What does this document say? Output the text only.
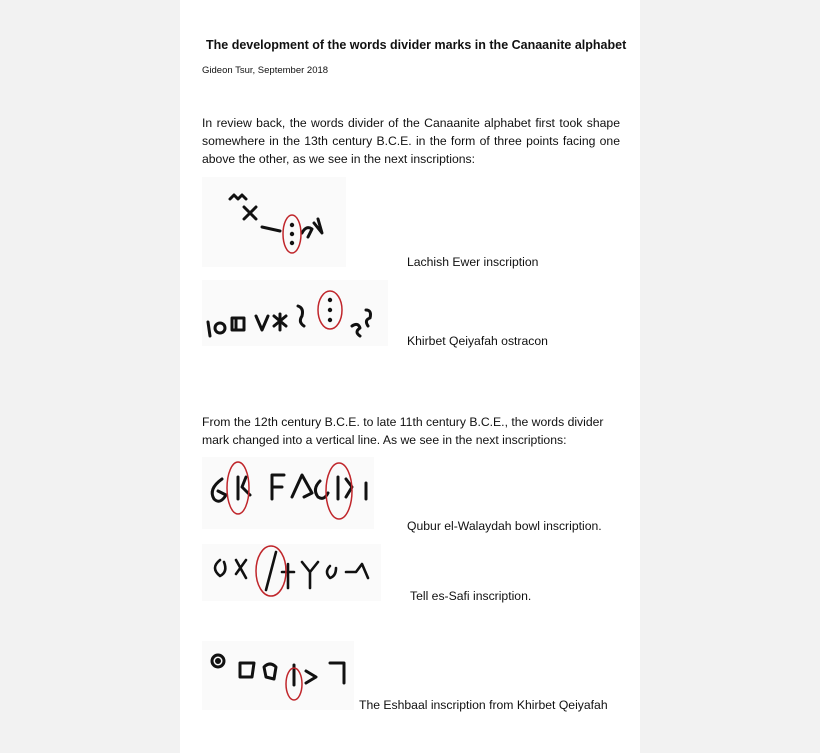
The development of the words divider marks in the Canaanite alphabet
Gideon Tsur, September 2018
In review back, the words divider of the Canaanite alphabet first took shape somewhere in the 13th century B.C.E. in the form of three points facing one above the other, as we see in the next inscriptions:
Lachish Ewer inscription
Khirbet Qeiyafah ostracon
From the 12th century B.C.E. to late 11th century B.C.E., the words divider mark changed into a vertical line. As we see in the next inscriptions:
Qubur el-Walaydah bowl inscription.
Tell es-Safi inscription.
The Eshbaal inscription from Khirbet Qeiyafah
